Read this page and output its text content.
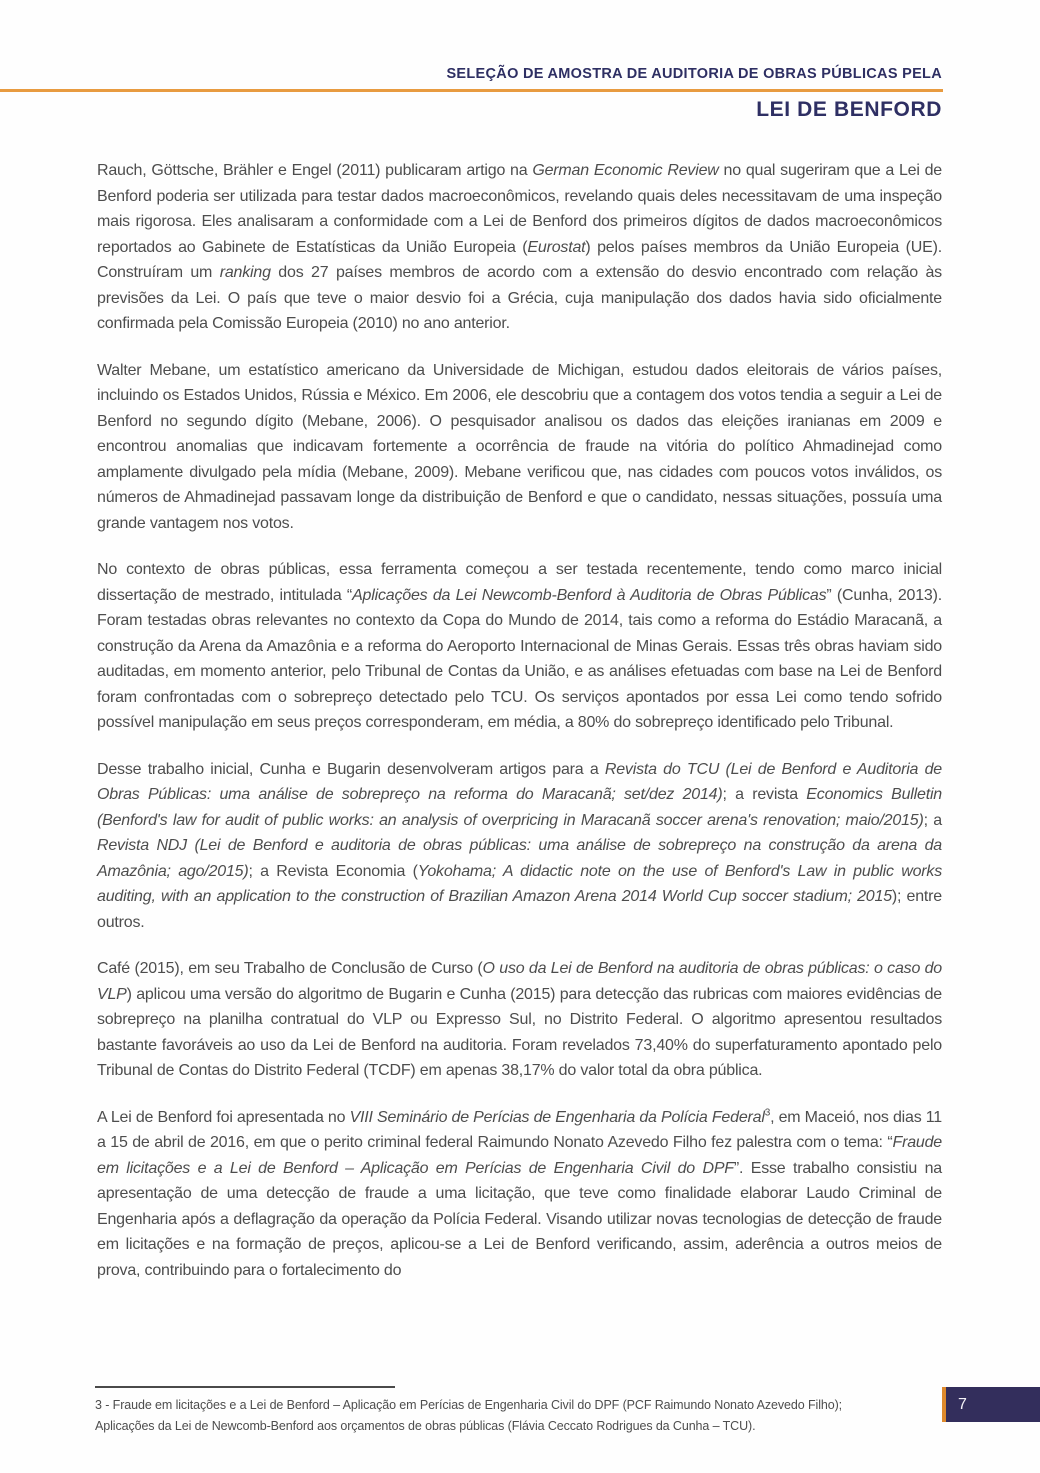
SELEÇÃO DE AMOSTRA DE AUDITORIA DE OBRAS PÚBLICAS PELA
LEI DE BENFORD

Rauch, Göttsche, Brähler e Engel (2011) publicaram artigo na German Economic Review no qual sugeriram que a Lei de Benford poderia ser utilizada para testar dados macroeconômicos, revelando quais deles necessitavam de uma inspeção mais rigorosa. Eles analisaram a conformidade com a Lei de Benford dos primeiros dígitos de dados macroeconômicos reportados ao Gabinete de Estatísticas da União Europeia (Eurostat) pelos países membros da União Europeia (UE). Construíram um ranking dos 27 países membros de acordo com a extensão do desvio encontrado com relação às previsões da Lei. O país que teve o maior desvio foi a Grécia, cuja manipulação dos dados havia sido oficialmente confirmada pela Comissão Europeia (2010) no ano anterior.

Walter Mebane, um estatístico americano da Universidade de Michigan, estudou dados eleitorais de vários países, incluindo os Estados Unidos, Rússia e México. Em 2006, ele descobriu que a contagem dos votos tendia a seguir a Lei de Benford no segundo dígito (Mebane, 2006). O pesquisador analisou os dados das eleições iranianas em 2009 e encontrou anomalias que indicavam fortemente a ocorrência de fraude na vitória do político Ahmadinejad como amplamente divulgado pela mídia (Mebane, 2009). Mebane verificou que, nas cidades com poucos votos inválidos, os números de Ahmadinejad passavam longe da distribuição de Benford e que o candidato, nessas situações, possuía uma grande vantagem nos votos.

No contexto de obras públicas, essa ferramenta começou a ser testada recentemente, tendo como marco inicial dissertação de mestrado, intitulada “Aplicações da Lei Newcomb-Benford à Auditoria de Obras Públicas” (Cunha, 2013). Foram testadas obras relevantes no contexto da Copa do Mundo de 2014, tais como a reforma do Estádio Maracanã, a construção da Arena da Amazônia e a reforma do Aeroporto Internacional de Minas Gerais. Essas três obras haviam sido auditadas, em momento anterior, pelo Tribunal de Contas da União, e as análises efetuadas com base na Lei de Benford foram confrontadas com o sobrepreço detectado pelo TCU. Os serviços apontados por essa Lei como tendo sofrido possível manipulação em seus preços corresponderam, em média, a 80% do sobrepreço identificado pelo Tribunal.

Desse trabalho inicial, Cunha e Bugarin desenvolveram artigos para a Revista do TCU (Lei de Benford e Auditoria de Obras Públicas: uma análise de sobrepreço na reforma do Maracanã; set/dez 2014); a revista Economics Bulletin (Benford's law for audit of public works: an analysis of overpricing in Maracanã soccer arena's renovation; maio/2015); a Revista NDJ (Lei de Benford e auditoria de obras públicas: uma análise de sobrepreço na construção da arena da Amazônia; ago/2015); a Revista Economia (Yokohama; A didactic note on the use of Benford's Law in public works auditing, with an application to the construction of Brazilian Amazon Arena 2014 World Cup soccer stadium; 2015); entre outros.

Café (2015), em seu Trabalho de Conclusão de Curso (O uso da Lei de Benford na auditoria de obras públicas: o caso do VLP) aplicou uma versão do algoritmo de Bugarin e Cunha (2015) para detecção das rubricas com maiores evidências de sobrepreço na planilha contratual do VLP ou Expresso Sul, no Distrito Federal. O algoritmo apresentou resultados bastante favoráveis ao uso da Lei de Benford na auditoria. Foram revelados 73,40% do superfaturamento apontado pelo Tribunal de Contas do Distrito Federal (TCDF) em apenas 38,17% do valor total da obra pública.

A Lei de Benford foi apresentada no VIII Seminário de Perícias de Engenharia da Polícia Federal$^3$, em Maceió, nos dias 11 a 15 de abril de 2016, em que o perito criminal federal Raimundo Nonato Azevedo Filho fez palestra com o tema: “Fraude em licitações e a Lei de Benford – Aplicação em Perícias de Engenharia Civil do DPF”. Esse trabalho consistiu na apresentação de uma detecção de fraude a uma licitação, que teve como finalidade elaborar Laudo Criminal de Engenharia após a deflagração da operação da Polícia Federal. Visando utilizar novas tecnologias de detecção de fraude em licitações e na formação de preços, aplicou-se a Lei de Benford verificando, assim, aderência a outros meios de prova, contribuindo para o fortalecimento do

3 - Fraude em licitações e a Lei de Benford – Aplicação em Perícias de Engenharia Civil do DPF (PCF Raimundo Nonato Azevedo Filho);
Aplicações da Lei de Newcomb-Benford aos orçamentos de obras públicas (Flávia Ceccato Rodrigues da Cunha – TCU).
7
